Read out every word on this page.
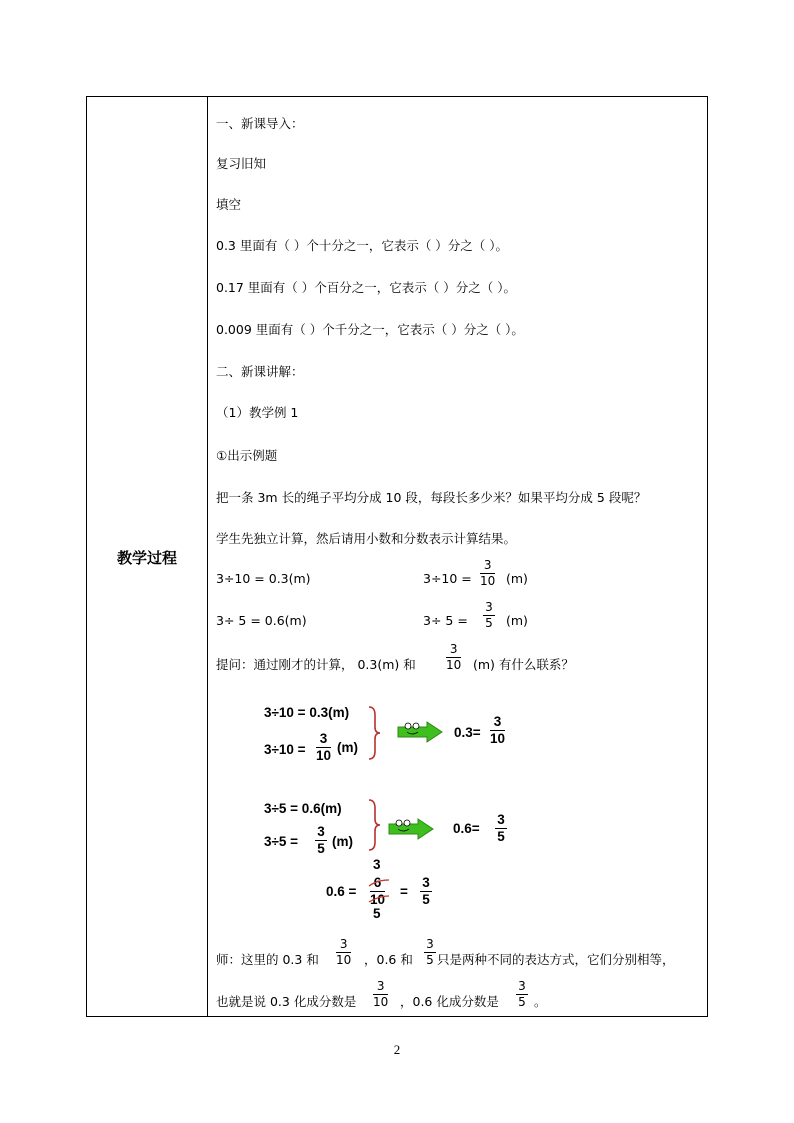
教学过程
一、新课导入：
复习旧知
填空
0.3 里面有（ ）个十分之一，它表示（ ）分之（ ）。
0.17 里面有（ ）个百分之一，它表示（ ）分之（ ）。
0.009 里面有（ ）个千分之一，它表示（ ）分之（ ）。
二、新课讲解：
（1）教学例 1
①出示例题
把一条 3m 长的绳子平均分成 10 段，每段长多少米？如果平均分成 5 段呢？
学生先独立计算，然后请用小数和分数表示计算结果。
3÷10 = 0.3(m)
3÷ 5 = 0.6(m)
3÷10 =
3
10 (m)
3÷ 5 =
3
5 (m)
提问：通过刚才的计算， 0.3(m) 和
3
10 (m) 有什么联系？
3÷10 = 0.3(m)
3÷10 =
3
10
(m)
0.3=
3
10
3÷5 = 0.6(m)
3÷5 =
3
5 (m)
0.6=
3
5
0.6 =
3
6
10
5
=
3
5
师：这里的 0.3 和
3
10 ，0.6 和
3
5 只是两种不同的表达方式，它们分别相等，
也就是说 0.3 化成分数是
3
10 ，0.6 化成分数是
3
5 。
2
